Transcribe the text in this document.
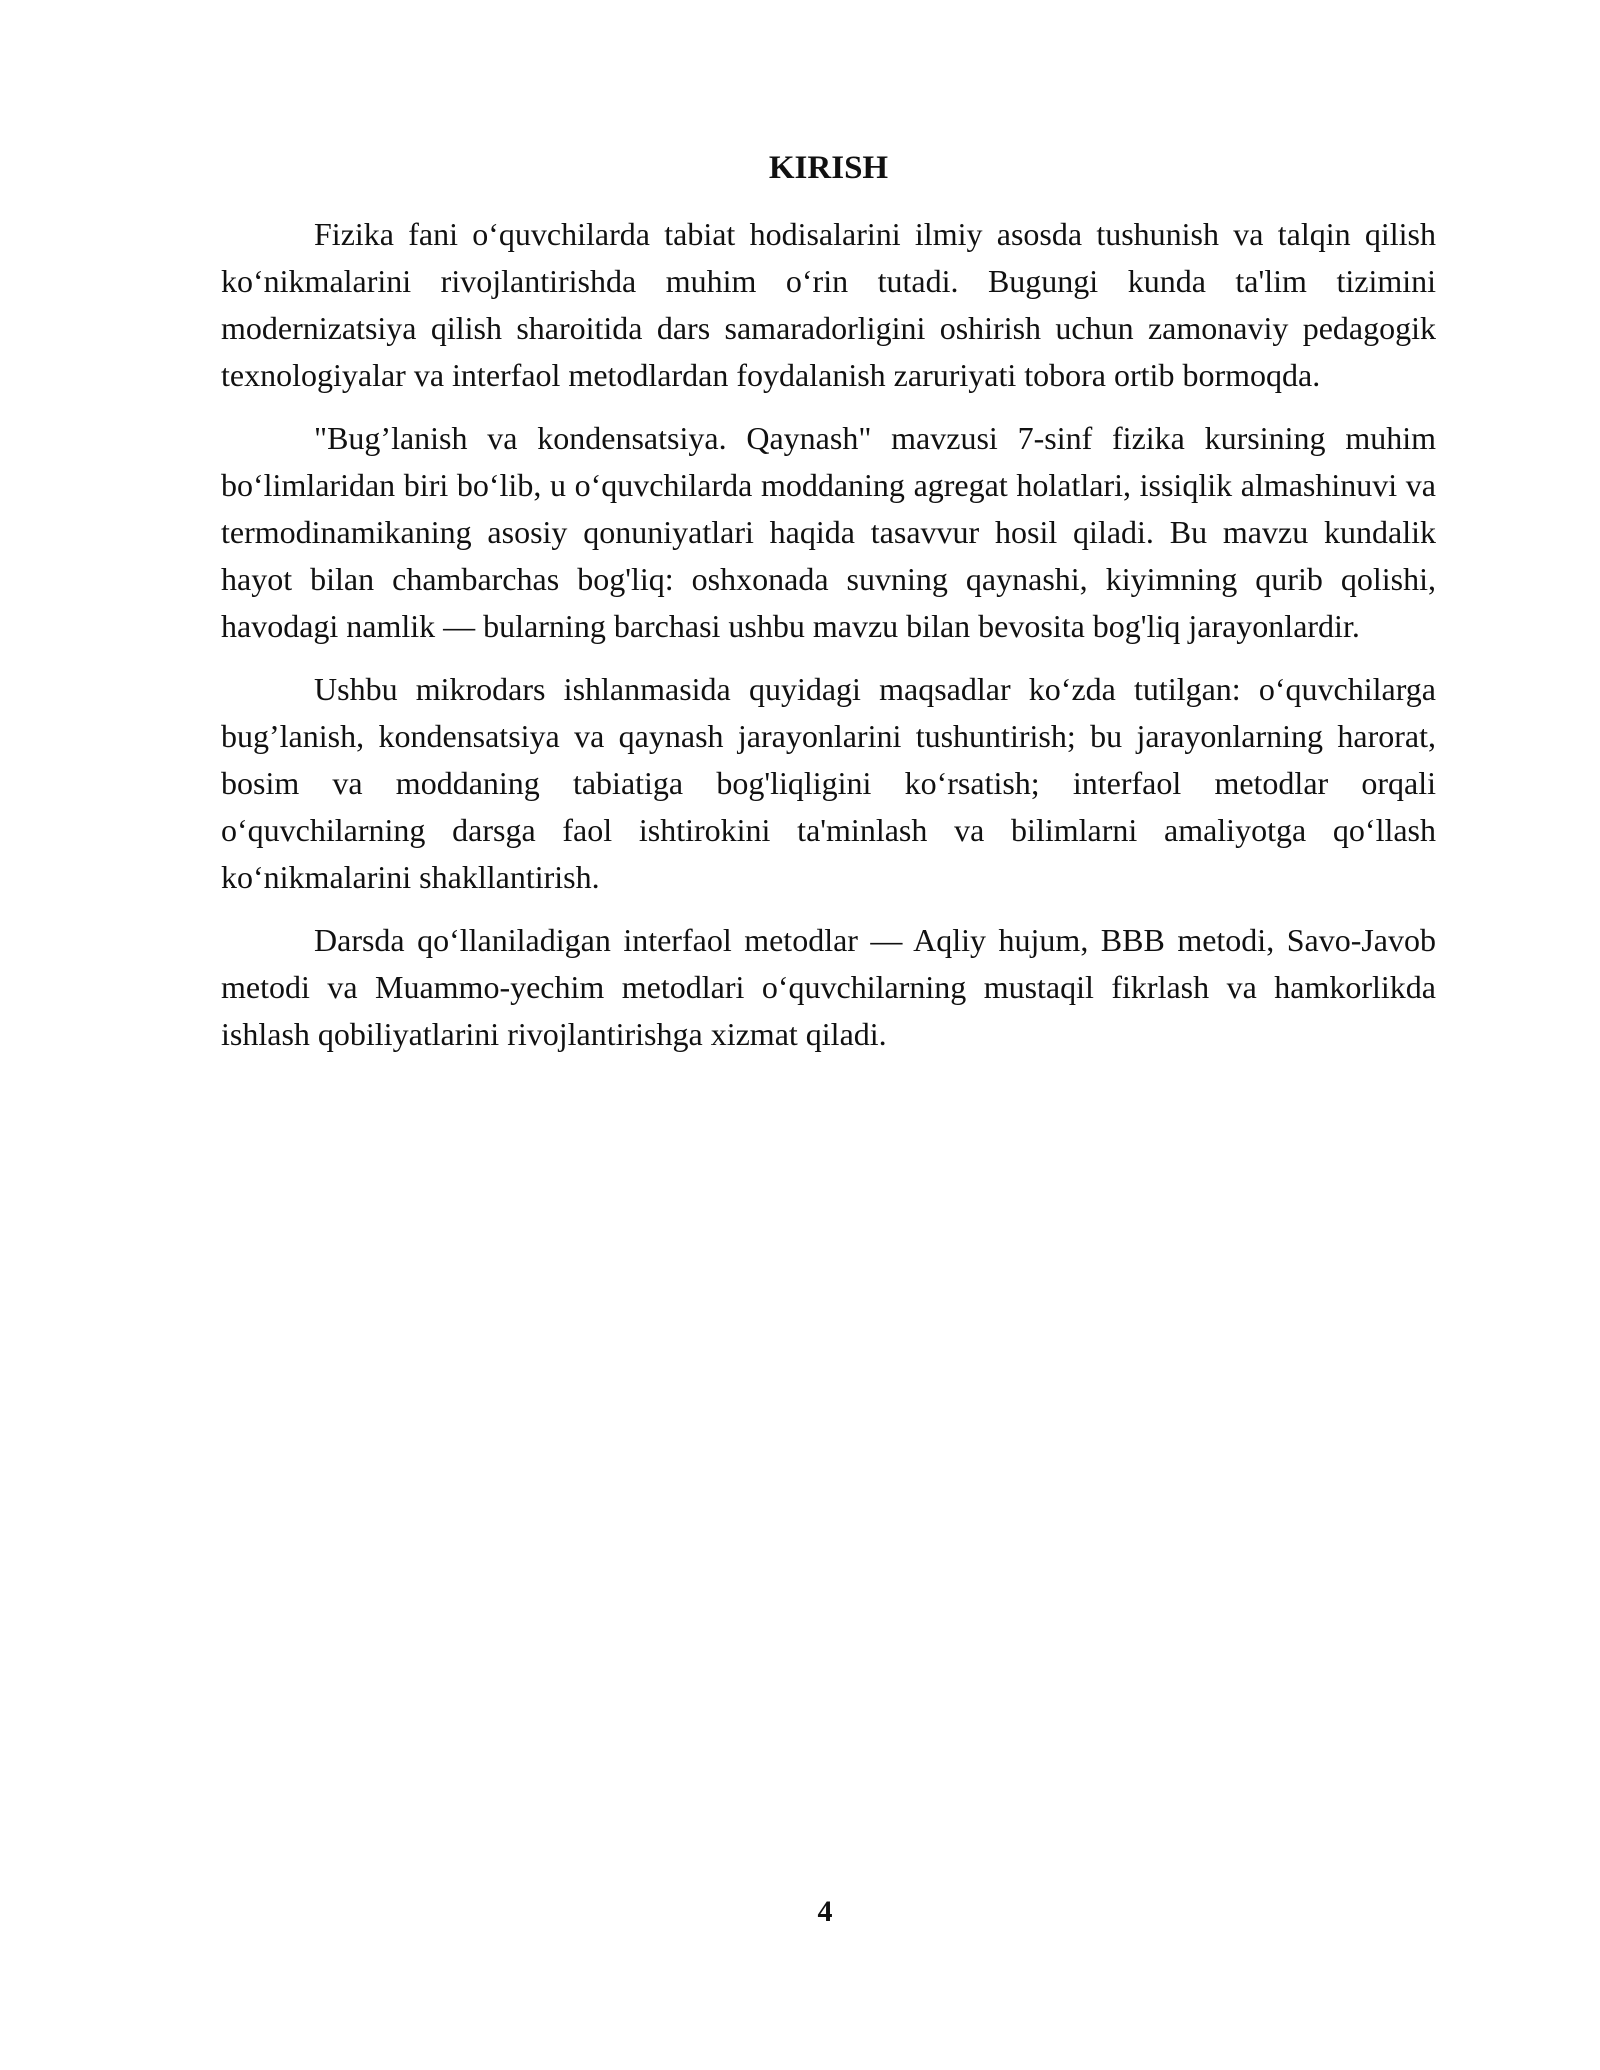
KIRISH

Fizika fani o‘quvchilarda tabiat hodisalarini ilmiy asosda tushunish va talqin qilish ko‘nikmalarini rivojlantirishda muhim o‘rin tutadi. Bugungi kunda ta'lim tizimini modernizatsiya qilish sharoitida dars samaradorligini oshirish uchun zamonaviy pedagogik texnologiyalar va interfaol metodlardan foydalanish zaruriyati tobora ortib bormoqda.

"Bug’lanish va kondensatsiya. Qaynash" mavzusi 7-sinf fizika kursining muhim bo‘limlaridan biri bo‘lib, u o‘quvchilarda moddaning agregat holatlari, issiqlik almashinuvi va termodinamikaning asosiy qonuniyatlari haqida tasavvur hosil qiladi. Bu mavzu kundalik hayot bilan chambarchas bog'liq: oshxonada suvning qaynashi, kiyimning qurib qolishi, havodagi namlik — bularning barchasi ushbu mavzu bilan bevosita bog'liq jarayonlardir.

Ushbu mikrodars ishlanmasida quyidagi maqsadlar ko‘zda tutilgan: o‘quvchilarga bug’lanish, kondensatsiya va qaynash jarayonlarini tushuntirish; bu jarayonlarning harorat, bosim va moddaning tabiatiga bog'liqligini ko‘rsatish; interfaol metodlar orqali o‘quvchilarning darsga faol ishtirokini ta'minlash va bilimlarni amaliyotga qo‘llash ko‘nikmalarini shakllantirish.

Darsda qo‘llaniladigan interfaol metodlar — Aqliy hujum, BBB metodi, Savo-Javob metodi va Muammo-yechim metodlari o‘quvchilarning mustaqil fikrlash va hamkorlikda ishlash qobiliyatlarini rivojlantirishga xizmat qiladi.

4
